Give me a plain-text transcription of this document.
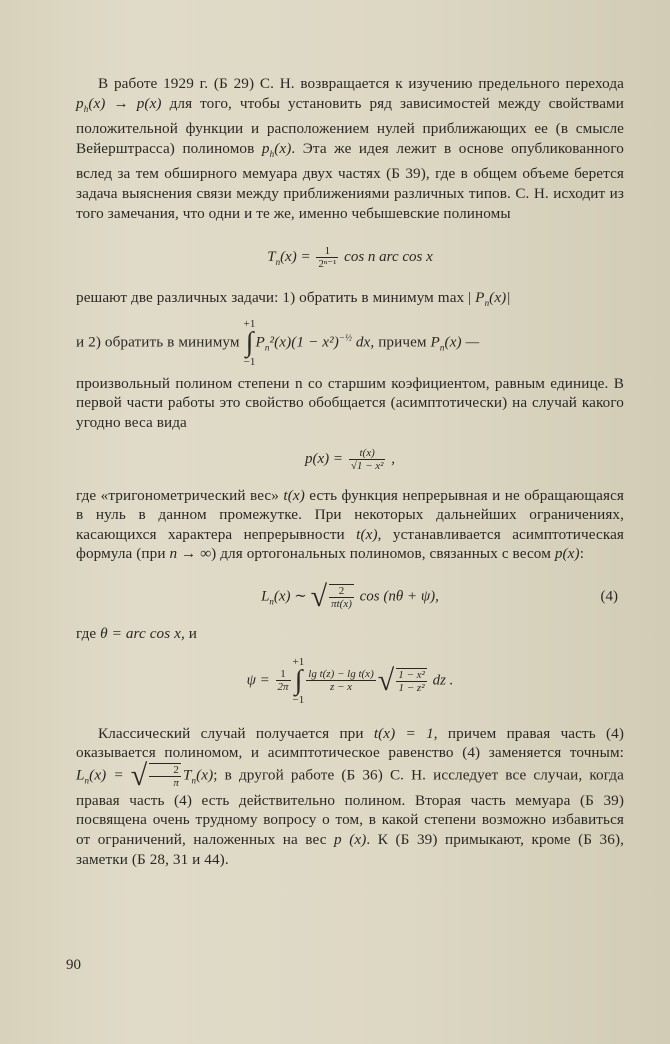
В работе 1929 г. (Б 29) С. Н. возвращается к изучению предельного перехода $p_h(x) \to p(x)$ для того, чтобы установить ряд зависимостей между свойствами положительной функции и расположением нулей приближающих ее (в смысле Вейерштрасса) полиномов $p_h(x)$. Эта же идея лежит в основе опубликованного вслед за тем обширного мемуара двух частях (Б 39), где в общем объеме берется задача выяснения связи между приближениями различных типов. С. Н. исходит из того замечания, что одни и те же, именно чебышевские полиномы

$T_n(x) = \frac{1}{\text{2ⁿ⁻¹}}$ cos n arc cos x

решают две различных задачи: 1) обратить в минимум max | $P_n(x)|$

и 2) обратить в минимум +1
∫
$-1P_n^2(x)(1 - x^2)^{-\frac{1}{2}}$ dx, причем $P_n(x)$ —

произвольный полином степени n со старшим коэфициентом, равным единице. В первой части работы это свойство обобщается (асимптотически) на случай какого угодно веса вида

$p(x) = \frac{t(x)}{\text{√1 − x²}}$ ,

где «тригонометрический вес» t(x) есть функция непрерывная и не обращающаяся в нуль в данном промежутке. При некоторых дальнейших ограничениях, касающихся характера непрерывности t(x), устанавливается асимптотическая формула (при n → ∞) для ортогональных полиномов, связанных с весом p(x):

$L_n(x)$ ∼ √ $\frac{2}{\pi t(x)}$ cos (nθ + ψ),	(4)

где θ = arc cos x, и

$\psi = \frac{1}{2\pi}$
+1
∫
−1
$\frac{\text{lg t(z) − lg t(x)}}{z - x}$ √ $\frac{\text{1 − x²}}{\text{1 − z²}}$ dz .

Классический случай получается при t(x) = 1, причем правая часть (4) оказывается полиномом, и асимптотическое равенство (4) заменяется точным: $L_n(x)$ = √ $\frac{2}{\pi} T_n(x)$; в другой работе (Б 36) С. Н. исследует все случаи, когда правая часть (4) есть действительно полином. Вторая часть мемуара (Б 39) посвящена очень трудному вопросу о том, в какой степени возможно избавиться от ограничений, наложенных на вес p (x). К (Б 39) примыкают, кроме (Б 36), заметки (Б 28, 31 и 44).

90
